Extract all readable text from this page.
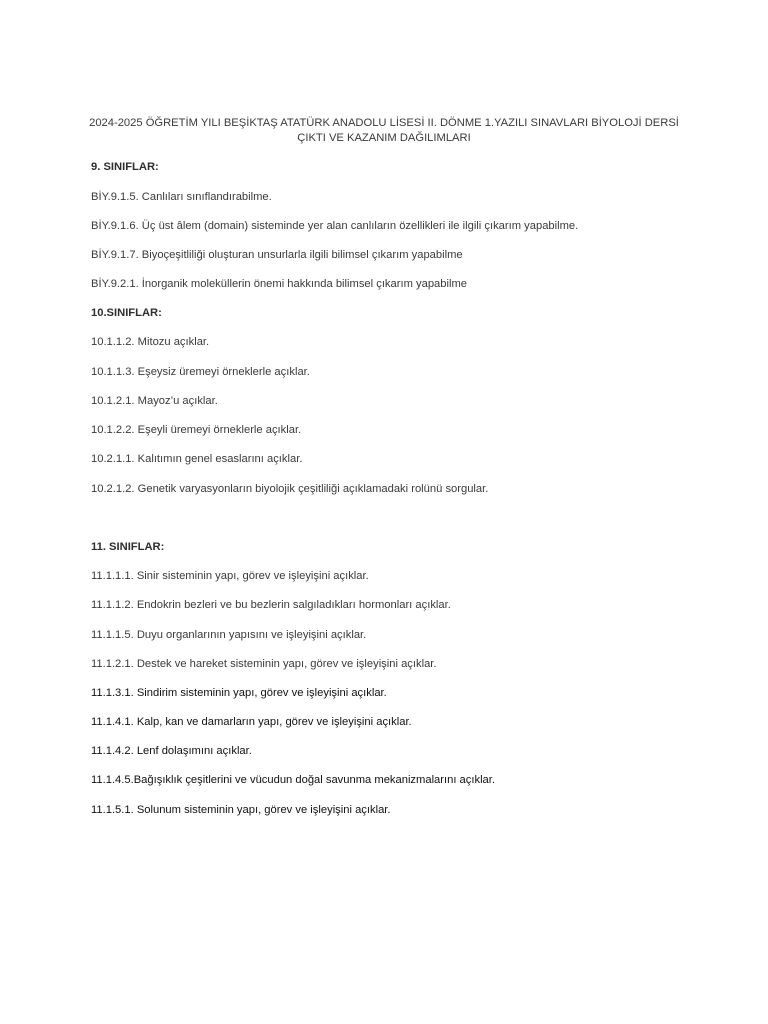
2024-2025 ÖĞRETİM YILI BEŞİKTAŞ ATATÜRK ANADOLU LİSESİ II. DÖNME 1.YAZILI SINAVLARI BİYOLOJİ DERSİ
ÇIKTI VE KAZANIM DAĞILIMLARI

9. SINIFLAR:

BİY.9.1.5. Canlıları sınıflandırabilme.

BİY.9.1.6. Üç üst âlem (domain) sisteminde yer alan canlıların özellikleri ile ilgili çıkarım yapabilme.

BİY.9.1.7. Biyoçeşitliliği oluşturan unsurlarla ilgili bilimsel çıkarım yapabilme

BİY.9.2.1. İnorganik moleküllerin önemi hakkında bilimsel çıkarım yapabilme

10.SINIFLAR:

10.1.1.2. Mitozu açıklar.

10.1.1.3. Eşeysiz üremeyi örneklerle açıklar.

10.1.2.1. Mayoz’u açıklar.

10.1.2.2. Eşeyli üremeyi örneklerle açıklar.

10.2.1.1. Kalıtımın genel esaslarını açıklar.

10.2.1.2. Genetik varyasyonların biyolojik çeşitliliği açıklamadaki rolünü sorgular.

11. SINIFLAR:

11.1.1.1. Sinir sisteminin yapı, görev ve işleyişini açıklar.

11.1.1.2. Endokrin bezleri ve bu bezlerin salgıladıkları hormonları açıklar.

11.1.1.5. Duyu organlarının yapısını ve işleyişini açıklar.

11.1.2.1. Destek ve hareket sisteminin yapı, görev ve işleyişini açıklar.

11.1.3.1. Sindirim sisteminin yapı, görev ve işleyişini açıklar.

11.1.4.1. Kalp, kan ve damarların yapı, görev ve işleyişini açıklar.

11.1.4.2. Lenf dolaşımını açıklar.

11.1.4.5.Bağışıklık çeşitlerini ve vücudun doğal savunma mekanizmalarını açıklar.

11.1.5.1. Solunum sisteminin yapı, görev ve işleyişini açıklar.
